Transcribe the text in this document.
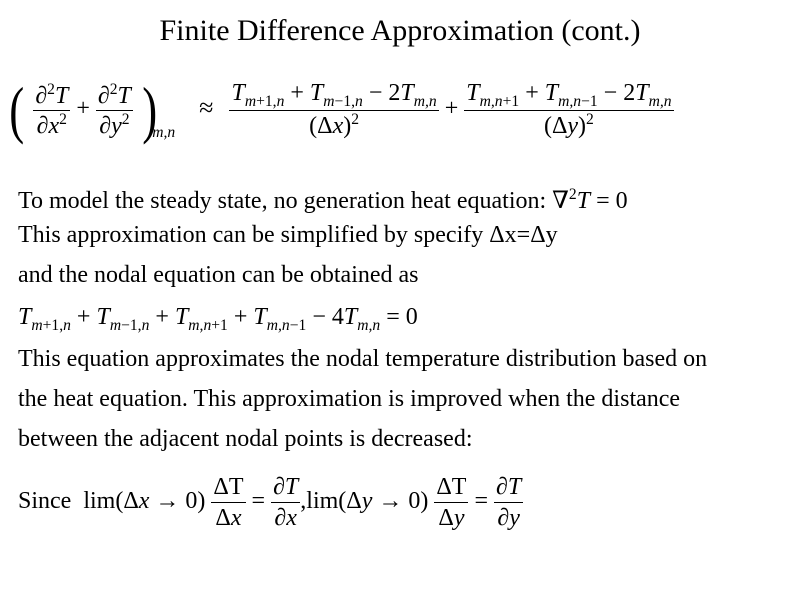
Finite Difference Approximation (cont.)
( $\frac{\partial^2T}{\partial x^2} + \frac{\partial^2T}{\partial y^2} )_{m,n} \approx \frac{T_{m+1,n} + T_{m-1,n} - 2T_{m,n}}{(\Delta x)^2} + \frac{T_{m,n+1} + T_{m,n-1} - 2T_{m,n}}{(\Delta y)^2}$
To model the steady state, no generation heat equation: ∇$^2$T = 0
This approximation can be simplified by specify Δx=Δy
and the nodal equation can be obtained as
$T_{m+1,n} + T_{m-1,n} + T_{m,n+1} + T_{m,n-1} - 4T_{m,n} = 0$
This equation approximates the nodal temperature distribution based on
the heat equation. This approximation is improved when the distance
between the adjacent nodal points is decreased:
Since $\lim(\Delta x \to 0) \frac{\Delta T}{\Delta x} = \frac{\partial T}{\partial x} ,\lim(\Delta y \to 0) \frac{\Delta T}{\Delta y} = \frac{\partial T}{\partial y}$
